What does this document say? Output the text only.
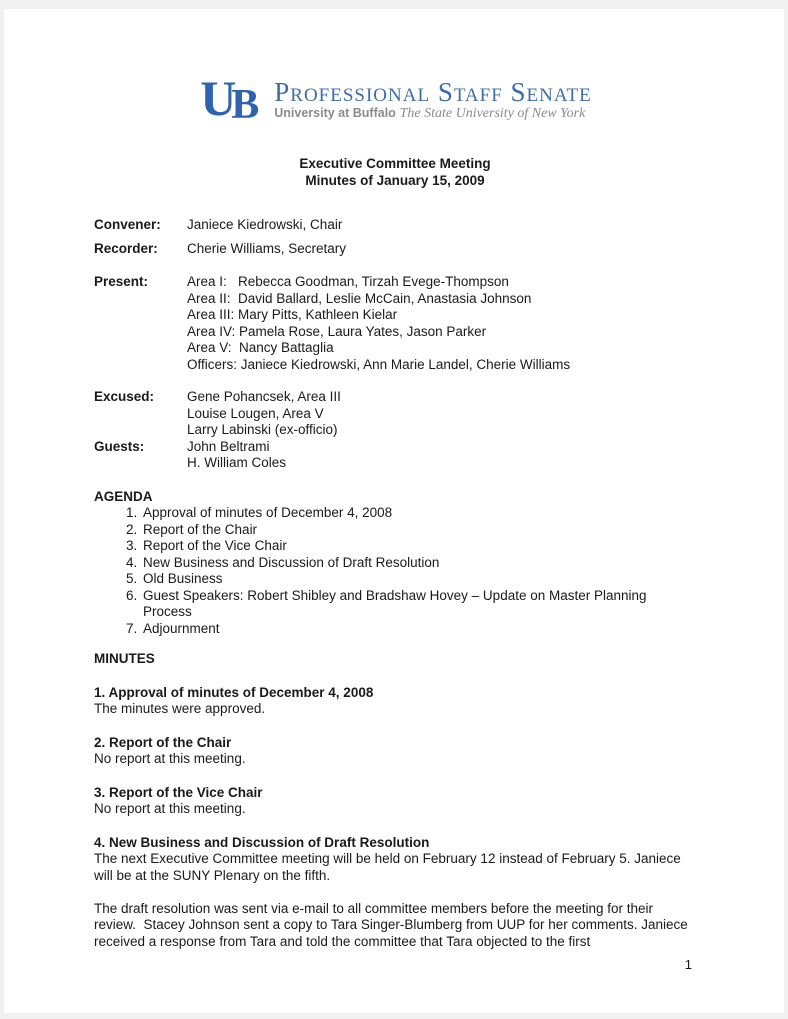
U
B Professional Staff Senate
University at Buffalo The State University of New York
Executive Committee Meeting
Minutes of January 15, 2009
Convener:	Janiece Kiedrowski, Chair
Recorder:	Cherie Williams, Secretary
Present:	Area I:   Rebecca Goodman, Tirzah Evege-Thompson
Area II:  David Ballard, Leslie McCain, Anastasia Johnson
Area III: Mary Pitts, Kathleen Kielar
Area IV: Pamela Rose, Laura Yates, Jason Parker
Area V:  Nancy Battaglia
Officers: Janiece Kiedrowski, Ann Marie Landel, Cherie Williams
Excused:	Gene Pohancsek, Area III
Louise Lougen, Area V
Larry Labinski (ex-officio)
Guests:	John Beltrami
H. William Coles
AGENDA
1. Approval of minutes of December 4, 2008
2. Report of the Chair
3. Report of the Vice Chair
4. New Business and Discussion of Draft Resolution
5. Old Business
6. Guest Speakers: Robert Shibley and Bradshaw Hovey – Update on Master Planning Process
7. Adjournment
MINUTES
1. Approval of minutes of December 4, 2008

The minutes were approved.

2. Report of the Chair

No report at this meeting.

3. Report of the Vice Chair

No report at this meeting.

4. New Business and Discussion of Draft Resolution

The next Executive Committee meeting will be held on February 12 instead of February 5. Janiece will be at the SUNY Plenary on the fifth.

The draft resolution was sent via e-mail to all committee members before the meeting for their review.  Stacey Johnson sent a copy to Tara Singer-Blumberg from UUP for her comments. Janiece received a response from Tara and told the committee that Tara objected to the first

1
